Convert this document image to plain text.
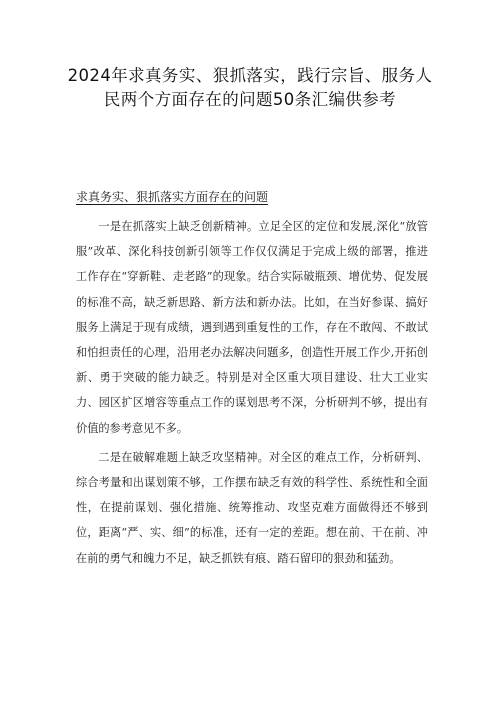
2024年求真务实、狠抓落实，践行宗旨、服务人民两个方面存在的问题50条汇编供参考
求真务实、狠抓落实方面存在的问题

一是在抓落实上缺乏创新精神。立足全区的定位和发展,深化“放管服”改革、深化科技创新引领等工作仅仅满足于完成上级的部署，推进工作存在“穿新鞋、走老路”的现象。结合实际破瓶颈、增优势、促发展的标准不高，缺乏新思路、新方法和新办法。比如，在当好参谋、搞好服务上满足于现有成绩，遇到遇到重复性的工作，存在不敢闯、不敢试和怕担责任的心理，沿用老办法解决问题多，创造性开展工作少,开拓创新、勇于突破的能力缺乏。特别是对全区重大项目建设、壮大工业实力、园区扩区增容等重点工作的谋划思考不深，分析研判不够，提出有价值的参考意见不多。

二是在破解难题上缺乏攻坚精神。对全区的难点工作，分析研判、综合考量和出谋划策不够，工作摆布缺乏有效的科学性、系统性和全面性，在提前谋划、强化措施、统筹推动、攻坚克难方面做得还不够到位，距离“严、实、细”的标准，还有一定的差距。想在前、干在前、冲在前的勇气和魄力不足，缺乏抓铁有痕、踏石留印的狠劲和猛劲。
